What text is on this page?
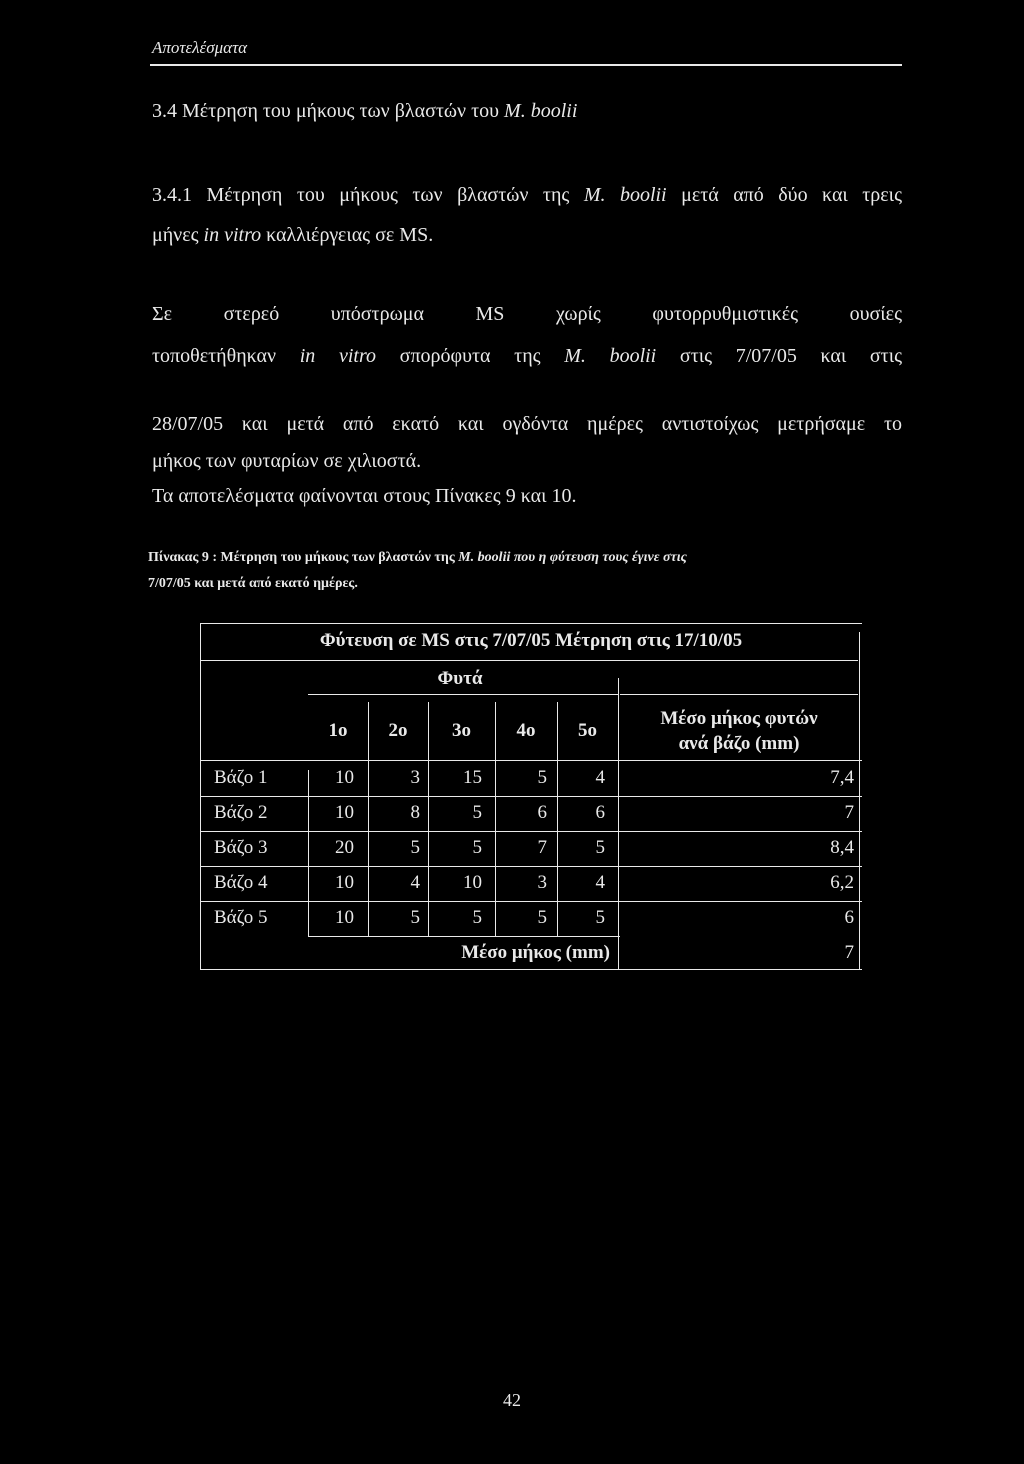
Αποτελέσματα
3.4 Μέτρηση του μήκους των βλαστών του M. boolii
3.4.1 Μέτρηση του μήκους των βλαστών της M. boolii μετά από δύο και τρεις
μήνες in vitro καλλιέργειας σε MS.
Σε στερεό υπόστρωμα MS χωρίς φυτορρυθμιστικές ουσίες
τοποθετήθηκαν in vitro σπορόφυτα της M. boolii στις 7/07/05 και στις
28/07/05 και μετά από εκατό και ογδόντα ημέρες αντιστοίχως μετρήσαμε το
μήκος των φυταρίων σε χιλιοστά.
Τα αποτελέσματα φαίνονται στους Πίνακες 9 και 10.
Πίνακας 9 : Μέτρηση του μήκους των βλαστών της M. boolii που η φύτευση τους έγινε στις
7/07/05 και μετά από εκατό ημέρες.
Φύτευση σε MS στις 7/07/05 Μέτρηση στις 17/10/05
Φυτά
1ο	2ο	3ο	4ο	5ο
Μέσο μήκος φυτών
ανά βάζο (mm)
Βάζο 1	10	3	15	5	4	7,4
Βάζο 2	10	8	5	6	6	7
Βάζο 3	20	5	5	7	5	8,4
Βάζο 4	10	4	10	3	4	6,2
Βάζο 5	10	5	5	5	5	6
Μέσο μήκος (mm)	7
42
